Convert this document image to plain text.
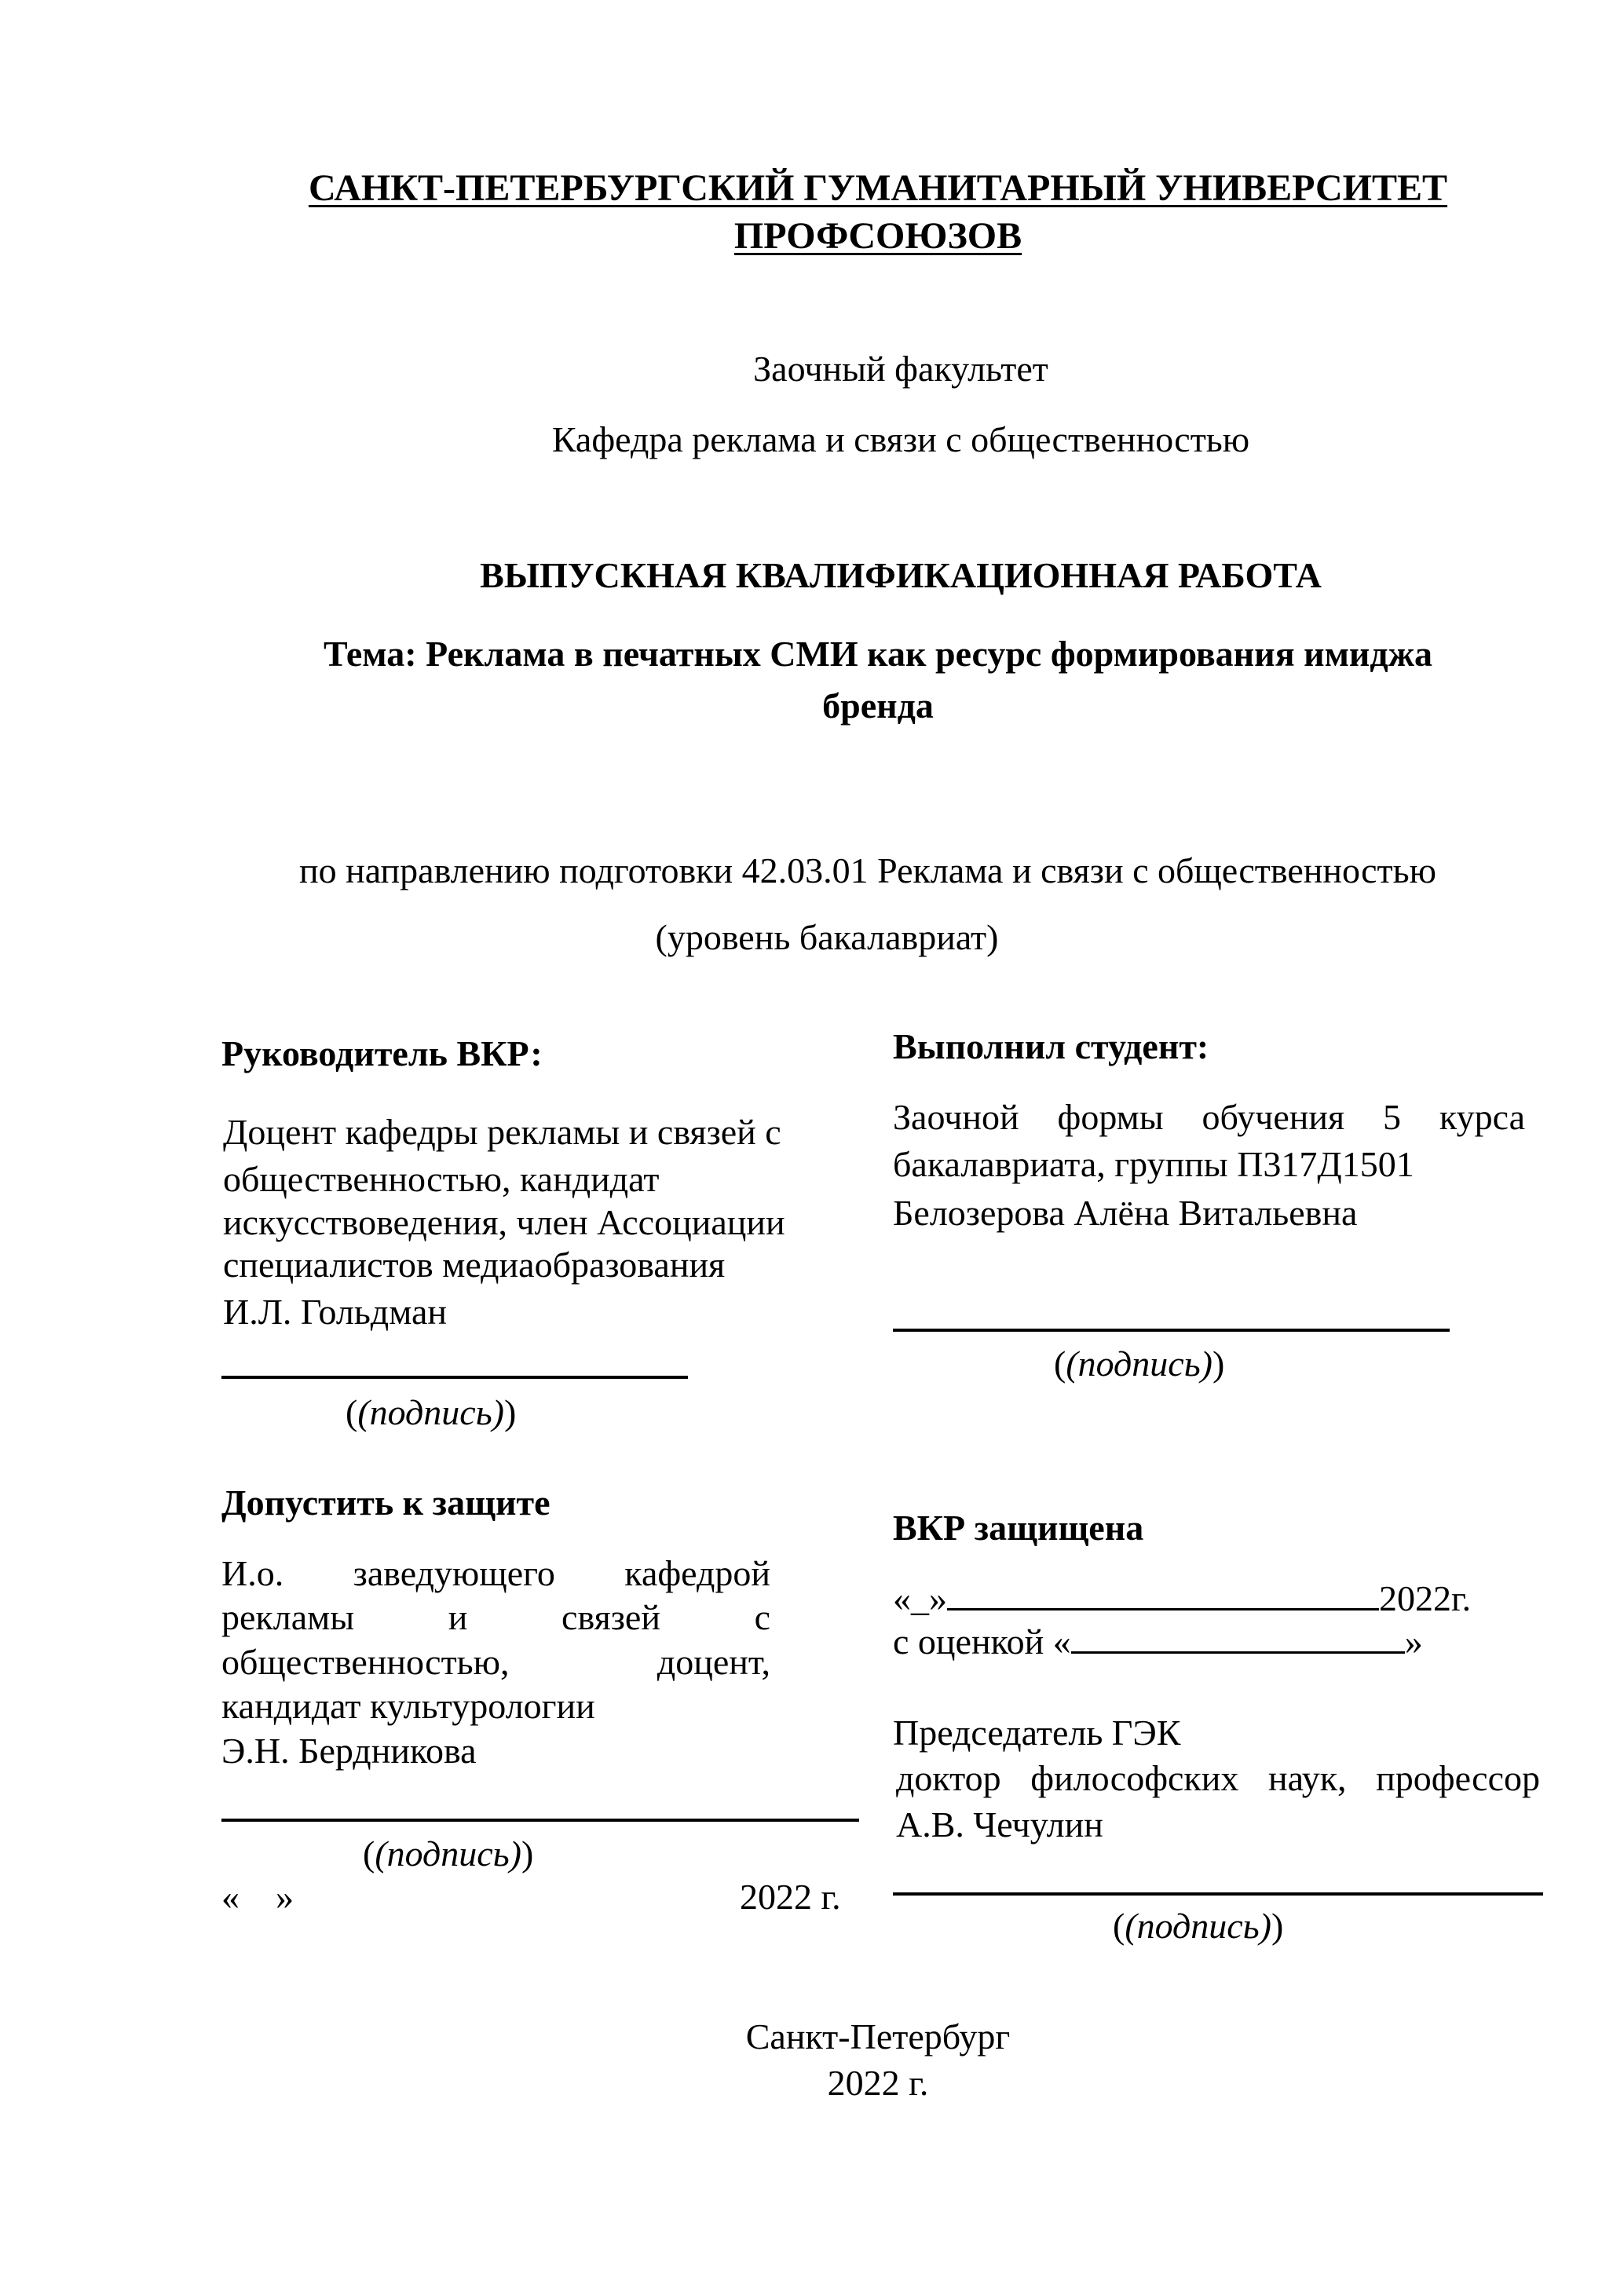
САНКТ-ПЕТЕРБУРГСКИЙ ГУМАНИТАРНЫЙ УНИВЕРСИТЕТ
ПРОФСОЮЗОВ
Заочный факультет
Кафедра реклама и связи с общественностью
ВЫПУСКНАЯ КВАЛИФИКАЦИОННАЯ РАБОТА
Тема: Реклама в печатных СМИ как ресурс формирования имиджа
бренда
по направлению подготовки 42.03.01 Реклама и связи с общественностью
(уровень бакалавриат)
Руководитель ВКР:
Доцент кафедры рекламы и связей с
общественностью, кандидат
искусствоведения, член Ассоциации
специалистов медиаобразования
И.Л. Гольдман
((подпись))
Выполнил студент:
Заочной формы обучения 5 курса
бакалавриата, группы П317Д1501
Белозерова Алёна Витальевна
((подпись))
Допустить к защите
И.о. заведующего кафедрой
рекламы и связей с
общественностью, доцент,
кандидат культурологии
Э.Н. Бердникова
((подпись))
«    »	2022 г.
ВКР защищена
«_»	2022г.
с оценкой «	»
Председатель ГЭК
доктор философских наук, профессор
А.В. Чечулин
((подпись))
Санкт-Петербург
2022 г.
